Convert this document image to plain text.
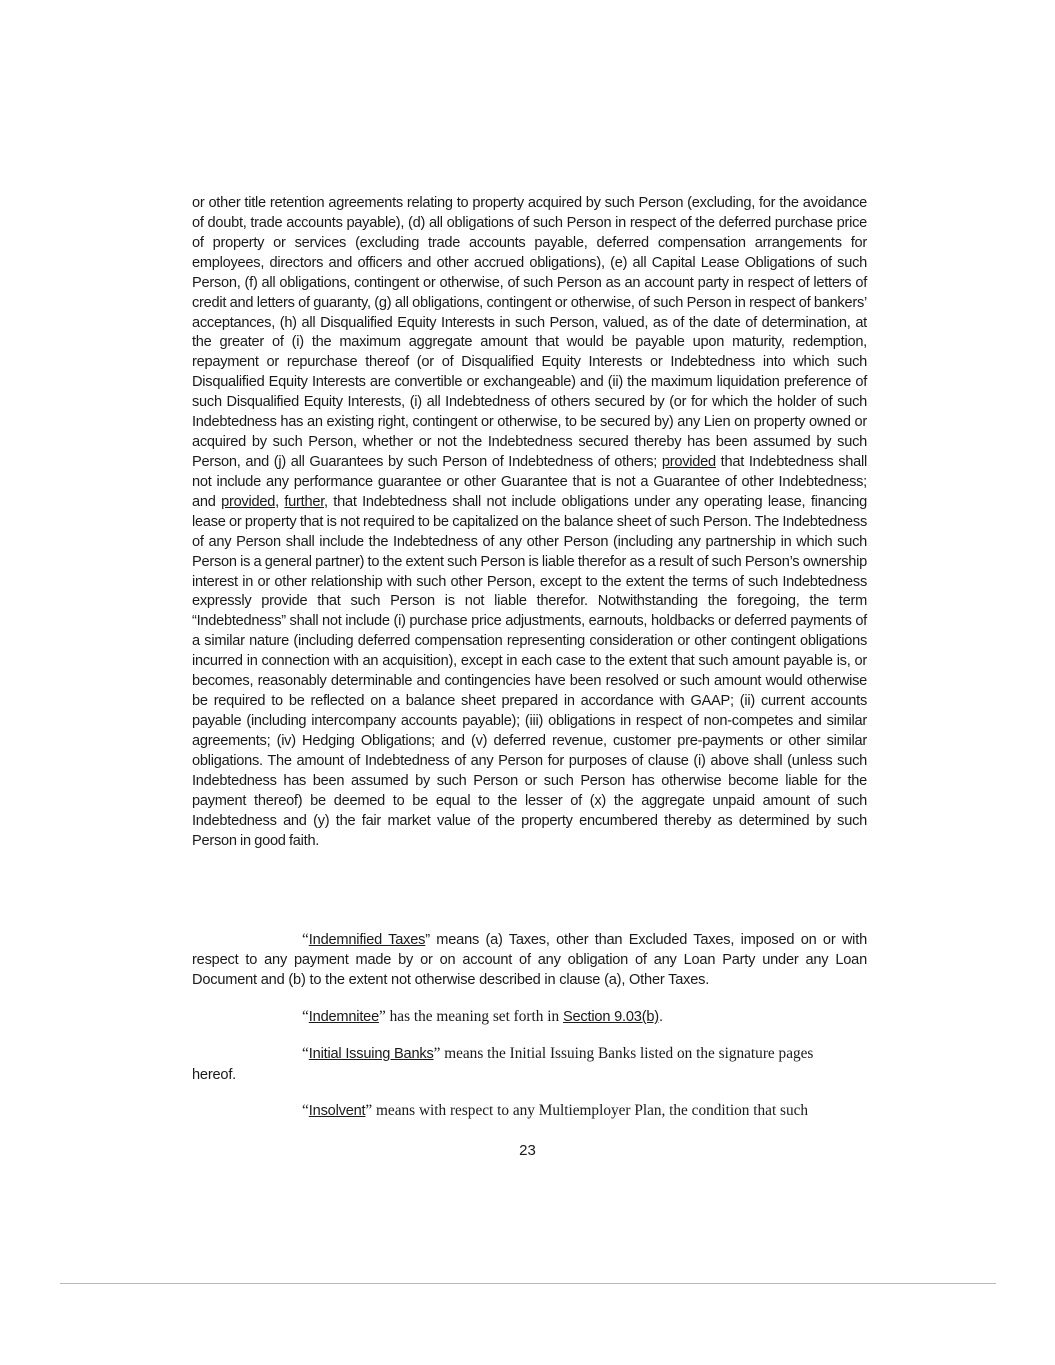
or other title retention agreements relating to property acquired by such Person (excluding, for the avoidance of doubt, trade accounts payable), (d) all obligations of such Person in respect of the deferred purchase price of property or services (excluding trade accounts payable, deferred compensation arrangements for employees, directors and officers and other accrued obligations), (e) all Capital Lease Obligations of such Person, (f) all obligations, contingent or otherwise, of such Person as an account party in respect of letters of credit and letters of guaranty, (g) all obligations, contingent or otherwise, of such Person in respect of bankers’ acceptances, (h) all Disqualified Equity Interests in such Person, valued, as of the date of determination, at the greater of (i) the maximum aggregate amount that would be payable upon maturity, redemption, repayment or repurchase thereof (or of Disqualified Equity Interests or Indebtedness into which such Disqualified Equity Interests are convertible or exchangeable) and (ii) the maximum liquidation preference of such Disqualified Equity Interests, (i) all Indebtedness of others secured by (or for which the holder of such Indebtedness has an existing right, contingent or otherwise, to be secured by) any Lien on property owned or acquired by such Person, whether or not the Indebtedness secured thereby has been assumed by such Person, and (j) all Guarantees by such Person of Indebtedness of others; provided that Indebtedness shall not include any performance guarantee or other Guarantee that is not a Guarantee of other Indebtedness; and provided, further, that Indebtedness shall not include obligations under any operating lease, financing lease or property that is not required to be capitalized on the balance sheet of such Person. The Indebtedness of any Person shall include the Indebtedness of any other Person (including any partnership in which such Person is a general partner) to the extent such Person is liable therefor as a result of such Person’s ownership interest in or other relationship with such other Person, except to the extent the terms of such Indebtedness expressly provide that such Person is not liable therefor. Notwithstanding the foregoing, the term “Indebtedness” shall not include (i) purchase price adjustments, earnouts, holdbacks or deferred payments of a similar nature (including deferred compensation representing consideration or other contingent obligations incurred in connection with an acquisition), except in each case to the extent that such amount payable is, or becomes, reasonably determinable and contingencies have been resolved or such amount would otherwise be required to be reflected on a balance sheet prepared in accordance with GAAP; (ii) current accounts payable (including intercompany accounts payable); (iii) obligations in respect of non-competes and similar agreements; (iv) Hedging Obligations; and (v) deferred revenue, customer pre-payments or other similar obligations. The amount of Indebtedness of any Person for purposes of clause (i) above shall (unless such Indebtedness has been assumed by such Person or such Person has otherwise become liable for the payment thereof) be deemed to be equal to the lesser of (x) the aggregate unpaid amount of such Indebtedness and (y) the fair market value of the property encumbered thereby as determined by such Person in good faith.

“Indemnified Taxes” means (a) Taxes, other than Excluded Taxes, imposed on or with respect to any payment made by or on account of any obligation of any Loan Party under any Loan Document and (b) to the extent not otherwise described in clause (a), Other Taxes.

“Indemnitee” has the meaning set forth in Section 9.03(b).

“Initial Issuing Banks” means the Initial Issuing Banks listed on the signature pages

hereof.

“Insolvent” means with respect to any Multiemployer Plan, the condition that such

23
